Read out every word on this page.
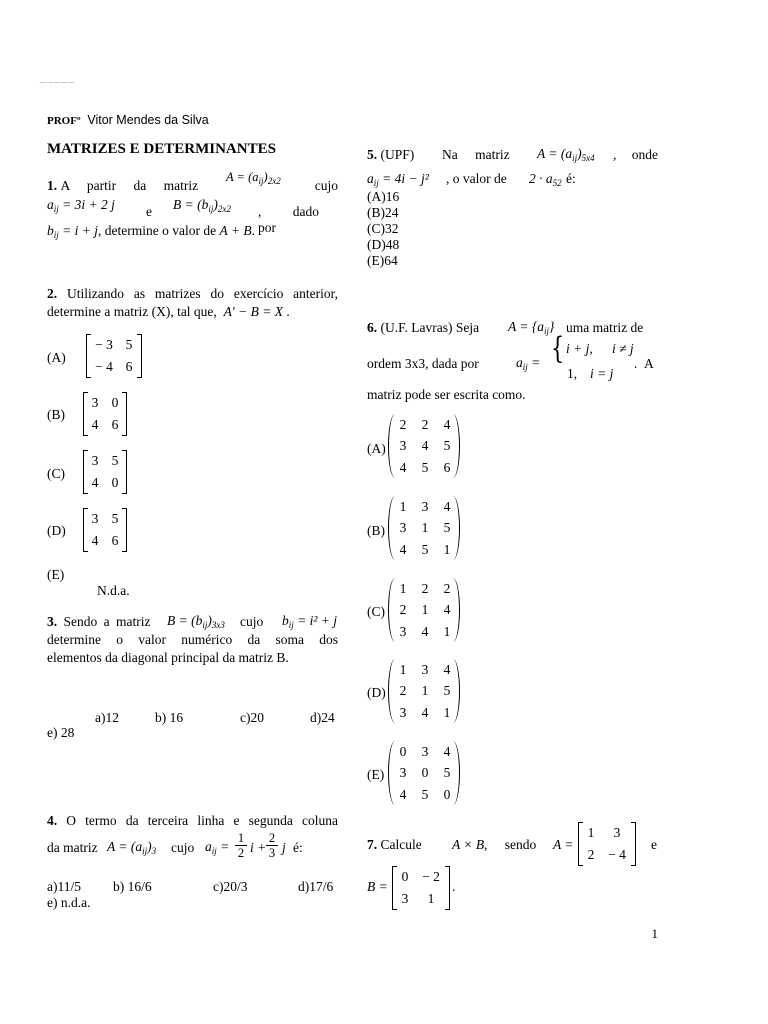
—————
PROFº Vitor Mendes da Silva
MATRIZES E DETERMINANTES
1. A partir da matriz
$A = (a_{ij})_{2x2}$	cujo
$a_{ij} = 3i + 2$ j e $B = (b_{ij})_{2x2}$ , dado por
$b_{ij} = i + j$, determine o valor de A + B.
2. Utilizando as matrizes do exercício anterior,
determine a matriz (X), tal que, A′ − B = X .
(A)
− 3 5
− 4 6
(B)
3 0
4 6
(C)
3 5
4 0
(D)
3 5
4 6
(E)
N.d.a.
3. Sendo a matriz $B = (b_{ij})_{3x3}$ cujo $b_{ij} = i^2 + j$
determine o valor numérico da soma dos
elementos da diagonal principal da matriz B.
a)12	b) 16	c)20	d)24
e) 28
4. O termo da terceira linha e segunda coluna
da matriz $A = (a_{ij})_3$ cujo $a_{ij}$ =
1
2 i +
2
3 j é:
a)11/5 b) 16/6	c)20/3	d)17/6
e) n.d.a.
5. (UPF) Na matriz $A = (a_{ij})_{5x4}$ , onde
$a_{ij} = 4i - j^2$ , o valor de $2 \cdot a_{52}$ é:
(A)16
(B)24
(C)32
(D)48
(E)64
6. (U.F. Lavras) Seja $A = \{a_{ij}\}$ uma matriz de
ordem 3x3, dada por	$a_{ij}$ = { i + j, i ≠ j
1, i = j
. A
matriz pode ser escrita como.
(A)
2	2	4
3	4	5
4	5	6
(B)
1	3	4
3	1	5
4	5	1
(C)
1	2	2
2	1	4
3	4	1
(D)
1	3	4
2	1	5
3	4	1
(E)
0	3	4
3	0	5
4	5	0
7. Calcule A × B , sendo A =
1	3
2	− 4
e
B =
0	− 2
3	1
.
1
